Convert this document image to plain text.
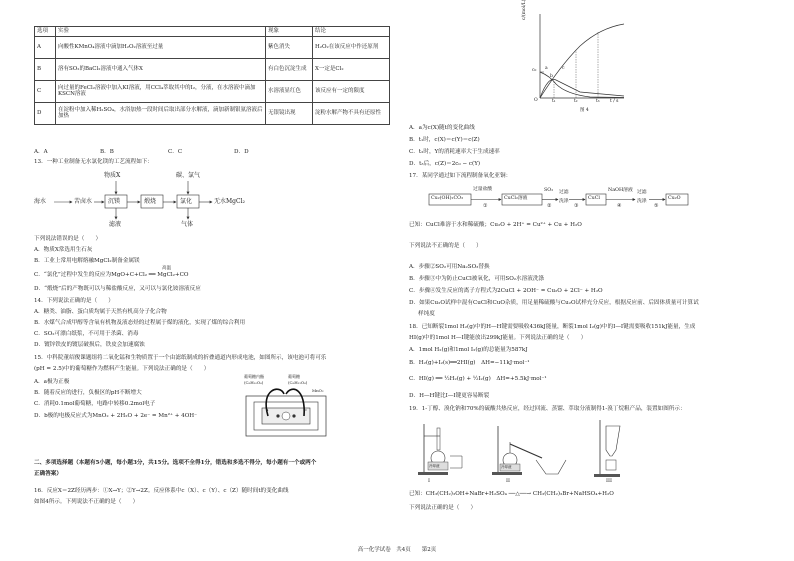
选项	实验	现象	结论
A	向酸性KMnO₄溶液中滴加H₂O₂溶液至过量	紫色消失	H₂O₂在该反应中作还原剂
B	溶有SO₂的BaCl₂溶液中通入气体X	有白色沉淀生成	X一定是Cl₂
C	向过量的FeCl₂溶液中加入KI溶液，用CCl₄萃取其中的I₂，分液，在水溶液中滴加KSCN溶液	水溶液显红色	该反应有一定的限度
D	在淀粉中加入稀H₂SO₄，水浴加热一段时间后取出部分水解液，滴加新制银氨溶液后加热	无银镜出现	淀粉水解产物不具有还原性
A．A	B．B	C．C	D．D
13．一种工业制备无水氯化镁的工艺流程如下：
海水	苦卤水	沉镁	煅烧	氯化	无水MgCl₂
物质X	碳、氯气
滤液	气体
下列说法错误的是（　　）
A．物质X常选用生石灰
B．工业上常用电解熔融MgCl₂制备金属镁
C．“氯化”过程中发生的反应为MgO+C+Cl₂ ══ MgCl₂+CO
高温
D．“煅烧”后的产物既可以与稀盐酸反应，又可以与氯化铵溶液反应
14．下列说法正确的是（　　）
A．糖类、油脂、蛋白质均属于天然有机高分子化合物
B．水煤气合成甲醇等含氧有机物及液态烃的过程属于煤的液化，实现了煤的综合利用
C．SO₂可漂白纸浆，不可用于杀菌、消毒
D．镀锌铁皮的镀层破损后，铁皮会加速腐蚀
15．中科院董绍俊课题组将二氧化锰和生物质置于一个由滤纸制成的折叠通道内形成电池，如图所示，该电池可将可乐
(pH = 2.5)中的葡萄糖作为燃料产生能量。下列说法正确的是（　　）
A．a极为正极
B．随着反应的进行，负极区的pH不断增大
C．消耗0.1mol葡萄糖，电路中转移0.2mol电子
D．b极的电极反应式为MnO₂ + 2H₂O + 2e⁻ = Mn²⁺ + 4OH⁻
葡萄糖内酯
(C₆H₁₀O₆)
葡萄糖
(C₆H₁₂O₆)
MnO₂
a	b
二、多项选择题（本题有5小题，每小题3分，共15分。选项不全得1分，错选和多选不得分，每小题有一个或两个
正确答案）
16．反应X＝2Z经历两步：①X→Y；②Y→2Z。反应体系中c（X）、c（Y）、c（Z）随时间t的变化曲线
如图4所示。下列说法不正确的是（　　）
c/(mol/L)
c₀
O	t₁	t₂	t₃ t / s
a
b
c
图 4
A．a为c(X)随t的变化曲线
B．t₁时，c(X)＝c(Y)＝c(Z)
C．t₂时，Y的消耗速率大于生成速率
D．t₃后，c(Z)＝2c₀ − c(Y)
17．某同学通过如下流程制备氧化亚铜：
Cu₂(OH)₂CO₃
过量盐酸
①
CuCl₂溶液
SO₂
②
过滤
洗涤
③
CuCl
NaOH溶液
④
过滤
洗涤
⑤
Cu₂O
已知：CuCl难溶于水和稀硫酸；Cu₂O + 2H⁺ = Cu²⁺ + Cu + H₂O
下列说法不正确的是（　　）
A．步骤②SO₂可用Na₂SO₃替换
B．步骤③中为防止CuCl被氧化，可用SO₂水溶液洗涤
C．步骤④发生反应的离子方程式为2CuCl + 2OH⁻ = Cu₂O + 2Cl⁻ + H₂O
D．如果Cu₂O试样中混有CuCl和CuO杂质，用足量稀硫酸与Cu₂O试样充分反应，根据反应前、后固体质量可计算试
样纯度
18．已知断裂1mol H₂(g)中的H—H键需要吸收436kJ能量，断裂1mol I₂(g)中的I—I键需要吸收151kJ能量，生成
HI(g)中的1mol H—I键能放出299kJ能量。下列说法正确的是（　　）
A．1mol H₂(g)和1mol I₂(g)的总能量为587kJ
B．H₂(g)+I₂(s)══2HI(g)　ΔH=−11kJ·mol⁻¹
C．HI(g) ══ ½H₂(g) + ½I₂(g)　ΔH=+5.5kJ·mol⁻¹
D．H—H键比I—I键更容易断裂
19．1-丁醇、溴化钠和70%的硫酸共热反应，经过回流、蒸馏、萃取分液制得1-溴丁烷粗产品，装置如图所示：
I	II	III
冷却液	冷却液
已知：CH₃(CH₂)₃OH+NaBr+H₂SO₄ ──△──→ CH₃(CH₂)₃Br+NaHSO₄+H₂O
下列说法正确的是（　　）
高一化学试卷　共4页　　第2页
